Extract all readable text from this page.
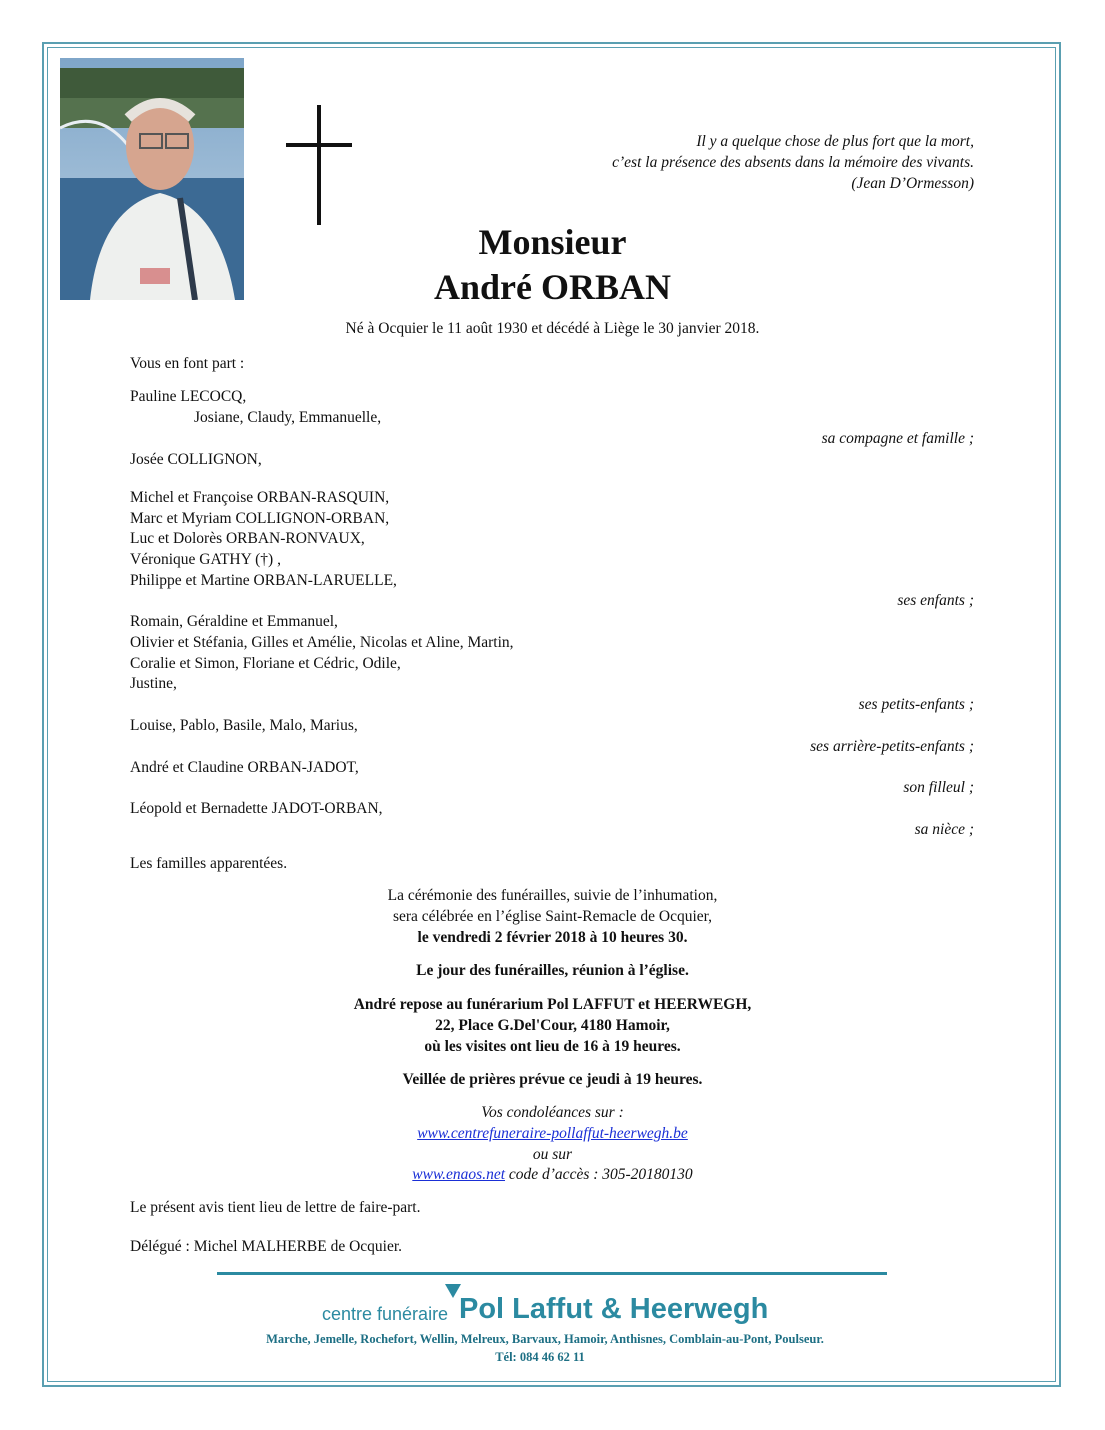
Il y a quelque chose de plus fort que la mort,
c’est la présence des absents dans la mémoire des vivants.
(Jean D’Ormesson)
Monsieur
André ORBAN
Né à Ocquier le 11 août 1930 et décédé à Liège le 30 janvier 2018.
Vous en font part :
Pauline LECOCQ,
Josiane, Claudy, Emmanuelle,
sa compagne et famille ;
Josée COLLIGNON,
Michel et Françoise ORBAN-RASQUIN,
Marc et Myriam COLLIGNON-ORBAN,
Luc et Dolorès ORBAN-RONVAUX,
Véronique GATHY (†) ,
Philippe et Martine ORBAN-LARUELLE,
ses enfants ;
Romain, Géraldine et Emmanuel,
Olivier et Stéfania, Gilles et Amélie, Nicolas et Aline, Martin,
Coralie et Simon, Floriane et Cédric, Odile,
Justine,
ses petits-enfants ;
Louise, Pablo, Basile, Malo, Marius,
ses arrière-petits-enfants ;
André et Claudine ORBAN-JADOT,
son filleul ;
Léopold et Bernadette JADOT-ORBAN,
sa nièce ;
Les familles apparentées.
La cérémonie des funérailles, suivie de l’inhumation,
sera célébrée en l’église Saint-Remacle de Ocquier,
le vendredi 2 février 2018 à 10 heures 30.
Le jour des funérailles, réunion à l’église.
André repose au funérarium Pol LAFFUT et HEERWEGH,
22, Place G.Del'Cour, 4180 Hamoir,
où les visites ont lieu de 16 à 19 heures.
Veillée de prières prévue ce jeudi à 19 heures.
Vos condoléances sur :
www.centrefuneraire-pollaffut-heerwegh.be
ou sur
www.enaos.net code d’accès : 305-20180130
Le présent avis tient lieu de lettre de faire-part.
Délégué : Michel MALHERBE de Ocquier.
centre funéraire Pol Laffut & Heerwegh
Marche, Jemelle, Rochefort, Wellin, Melreux, Barvaux, Hamoir, Anthisnes, Comblain-au-Pont, Poulseur.
Tél: 084 46 62 11
